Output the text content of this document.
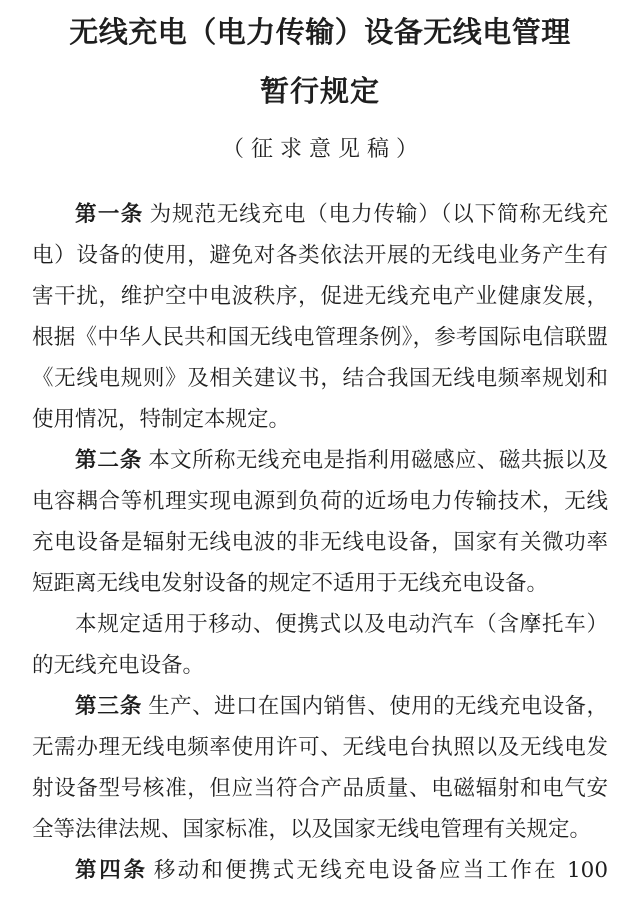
无线充电（电力传输）设备无线电管理
暂行规定

（征求意见稿）

第一条 为规范无线充电（电力传输）（以下简称无线充电）设备的使用，避免对各类依法开展的无线电业务产生有害干扰，维护空中电波秩序，促进无线充电产业健康发展，根据《中华人民共和国无线电管理条例》，参考国际电信联盟《无线电规则》及相关建议书，结合我国无线电频率规划和使用情况，特制定本规定。

第二条 本文所称无线充电是指利用磁感应、磁共振以及电容耦合等机理实现电源到负荷的近场电力传输技术，无线充电设备是辐射无线电波的非无线电设备，国家有关微功率短距离无线电发射设备的规定不适用于无线充电设备。

本规定适用于移动、便携式以及电动汽车（含摩托车）的无线充电设备。

第三条 生产、进口在国内销售、使用的无线充电设备，无需办理无线电频率使用许可、无线电台执照以及无线电发射设备型号核准，但应当符合产品质量、电磁辐射和电气安全等法律法规、国家标准，以及国家无线电管理有关规定。

第四条 移动和便携式无线充电设备应当工作在 100
